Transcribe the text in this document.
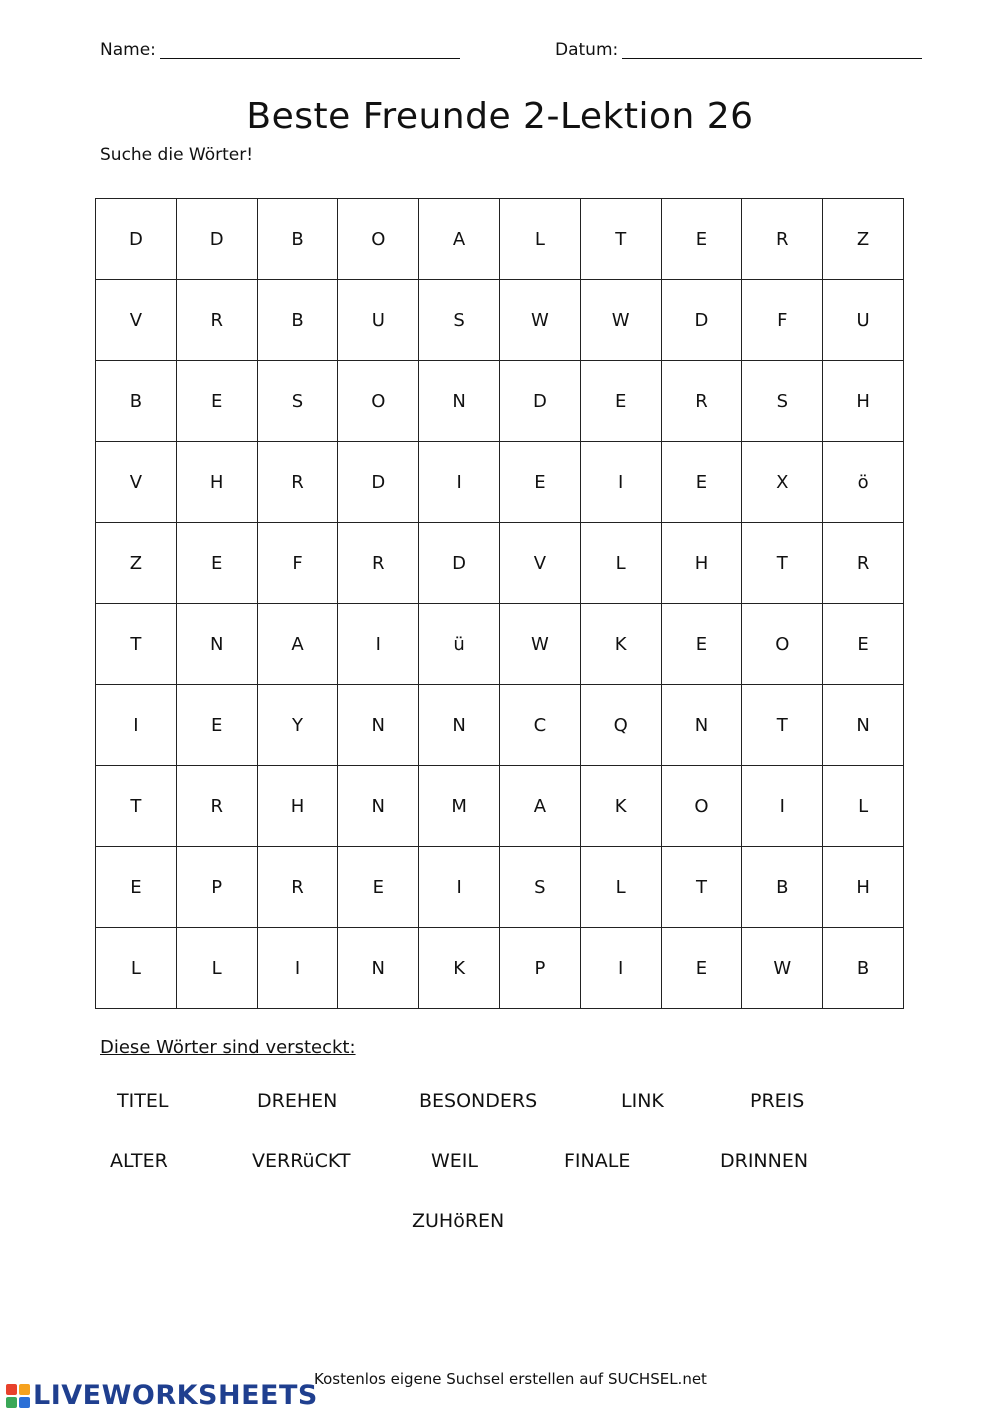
Name:	Datum:
Beste Freunde 2-Lektion 26
Suche die Wörter!
D	D	B	O	A	L	T	E	R	Z
V	R	B	U	S	W	W	D	F	U
B	E	S	O	N	D	E	R	S	H
V	H	R	D	I	E	I	E	X	ö
Z	E	F	R	D	V	L	H	T	R
T	N	A	I	ü	W	K	E	O	E
I	E	Y	N	N	C	Q	N	T	N
T	R	H	N	M	A	K	O	I	L
E	P	R	E	I	S	L	T	B	H
L	L	I	N	K	P	I	E	W	B
Diese Wörter sind versteckt:
TITEL	DREHEN	BESONDERS	LINK	PREIS
ALTER	VERRüCKT	WEIL	FINALE	DRINNEN
ZUHöREN
Kostenlos eigene Suchsel erstellen auf SUCHSEL.net
LIVEWORKSHEETS
